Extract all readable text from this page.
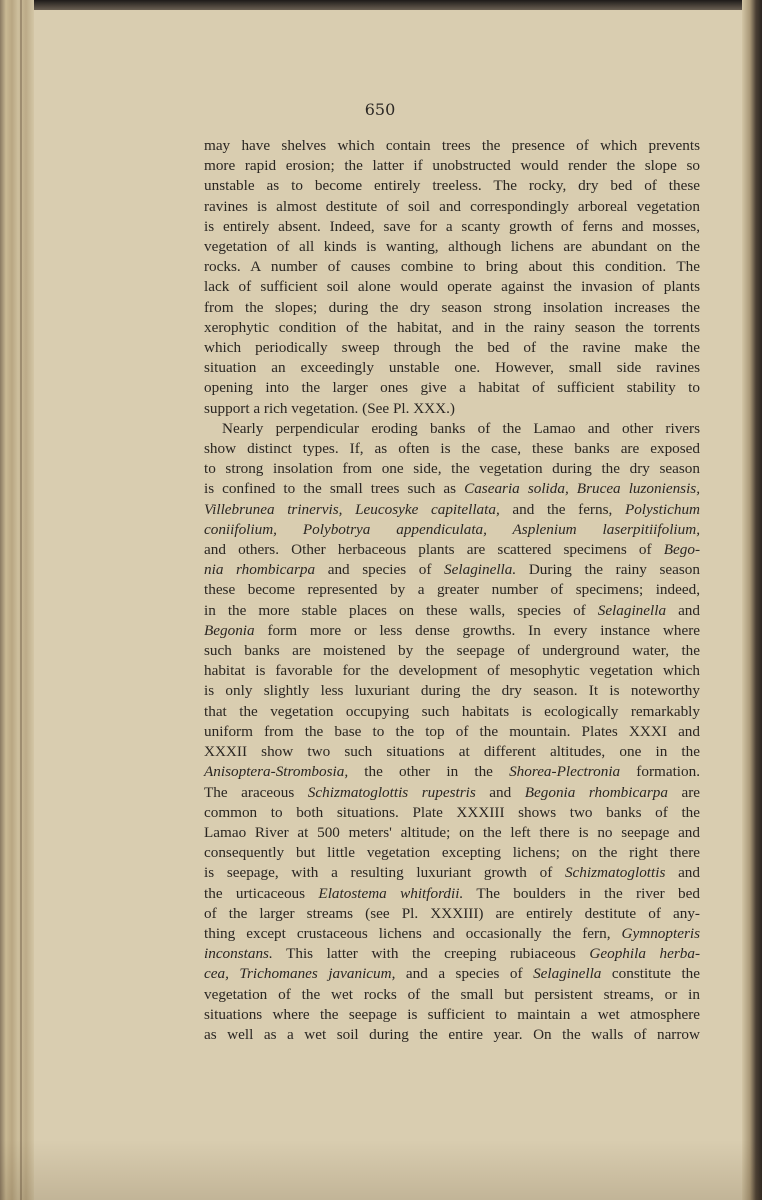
650
may have shelves which contain trees the presence of which prevents
more rapid erosion; the latter if unobstructed would render the slope so
unstable as to become entirely treeless. The rocky, dry bed of these
ravines is almost destitute of soil and correspondingly arboreal vegetation
is entirely absent. Indeed, save for a scanty growth of ferns and mosses,
vegetation of all kinds is wanting, although lichens are abundant on the
rocks. A number of causes combine to bring about this condition. The
lack of sufficient soil alone would operate against the invasion of plants
from the slopes; during the dry season strong insolation increases the
xerophytic condition of the habitat, and in the rainy season the torrents
which periodically sweep through the bed of the ravine make the
situation an exceedingly unstable one. However, small side ravines
opening into the larger ones give a habitat of sufficient stability to
support a rich vegetation. (See Pl. XXX.)
Nearly perpendicular eroding banks of the Lamao and other rivers
show distinct types. If, as often is the case, these banks are exposed
to strong insolation from one side, the vegetation during the dry season
is confined to the small trees such as Casearia solida, Brucea luzoniensis,
Villebrunea trinervis, Leucosyke capitellata, and the ferns, Polystichum
coniifolium, Polybotrya appendiculata, Asplenium laserpitiifolium,
and others. Other herbaceous plants are scattered specimens of Bego-
nia rhombicarpa and species of Selaginella. During the rainy season
these become represented by a greater number of specimens; indeed,
in the more stable places on these walls, species of Selaginella and
Begonia form more or less dense growths. In every instance where
such banks are moistened by the seepage of underground water, the
habitat is favorable for the development of mesophytic vegetation which
is only slightly less luxuriant during the dry season. It is noteworthy
that the vegetation occupying such habitats is ecologically remarkably
uniform from the base to the top of the mountain. Plates XXXI and
XXXII show two such situations at different altitudes, one in the
Anisoptera-Strombosia, the other in the Shorea-Plectronia formation.
The araceous Schizmatoglottis rupestris and Begonia rhombicarpa are
common to both situations. Plate XXXIII shows two banks of the
Lamao River at 500 meters' altitude; on the left there is no seepage and
consequently but little vegetation excepting lichens; on the right there
is seepage, with a resulting luxuriant growth of Schizmatoglottis and
the urticaceous Elatostema whitfordii. The boulders in the river bed
of the larger streams (see Pl. XXXIII) are entirely destitute of any-
thing except crustaceous lichens and occasionally the fern, Gymnopteris
inconstans. This latter with the creeping rubiaceous Geophila herba-
cea, Trichomanes javanicum, and a species of Selaginella constitute the
vegetation of the wet rocks of the small but persistent streams, or in
situations where the seepage is sufficient to maintain a wet atmosphere
as well as a wet soil during the entire year. On the walls of narrow
